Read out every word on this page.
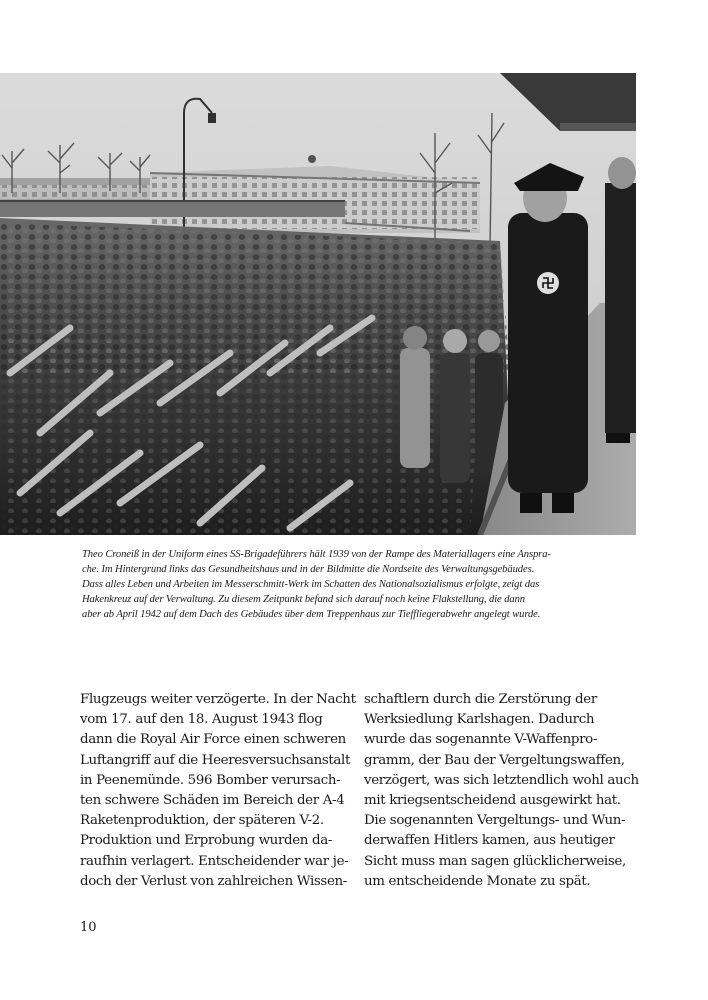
Theo Croneiß in der Uniform eines SS-Brigadeführers hält 1939 von der Rampe des Materiallagers eine Anspra-
che. Im Hintergrund links das Gesundheitshaus und in der Bildmitte die Nordseite des Verwaltungsgebäudes.
Dass alles Leben und Arbeiten im Messerschmitt-Werk im Schatten des Nationalsozialismus erfolgte, zeigt das
Hakenkreuz auf der Verwaltung. Zu diesem Zeitpunkt befand sich darauf noch keine Flakstellung, die dann
aber ab April 1942 auf dem Dach des Gebäudes über dem Treppenhaus zur Tieffliegerabwehr angelegt wurde.
Flugzeugs weiter verzögerte. In der Nacht
vom 17. auf den 18. August 1943 flog
dann die Royal Air Force einen schweren
Luftangriff auf die Heeresversuchsanstalt
in Peenemünde. 596 Bomber verursach-
ten schwere Schäden im Bereich der A-4
Raketenproduktion, der späteren V-2.
Produktion und Erprobung wurden da-
raufhin verlagert. Entscheidender war je-
doch der Verlust von zahlreichen Wissen-
schaftlern durch die Zerstörung der
Werksiedlung Karlshagen. Dadurch
wurde das sogenannte V-Waffenpro-
gramm, der Bau der Vergeltungswaffen,
verzögert, was sich letztendlich wohl auch
mit kriegsentscheidend ausgewirkt hat.
Die sogenannten Vergeltungs- und Wun-
derwaffen Hitlers kamen, aus heutiger
Sicht muss man sagen glücklicherweise,
um entscheidende Monate zu spät.
10
